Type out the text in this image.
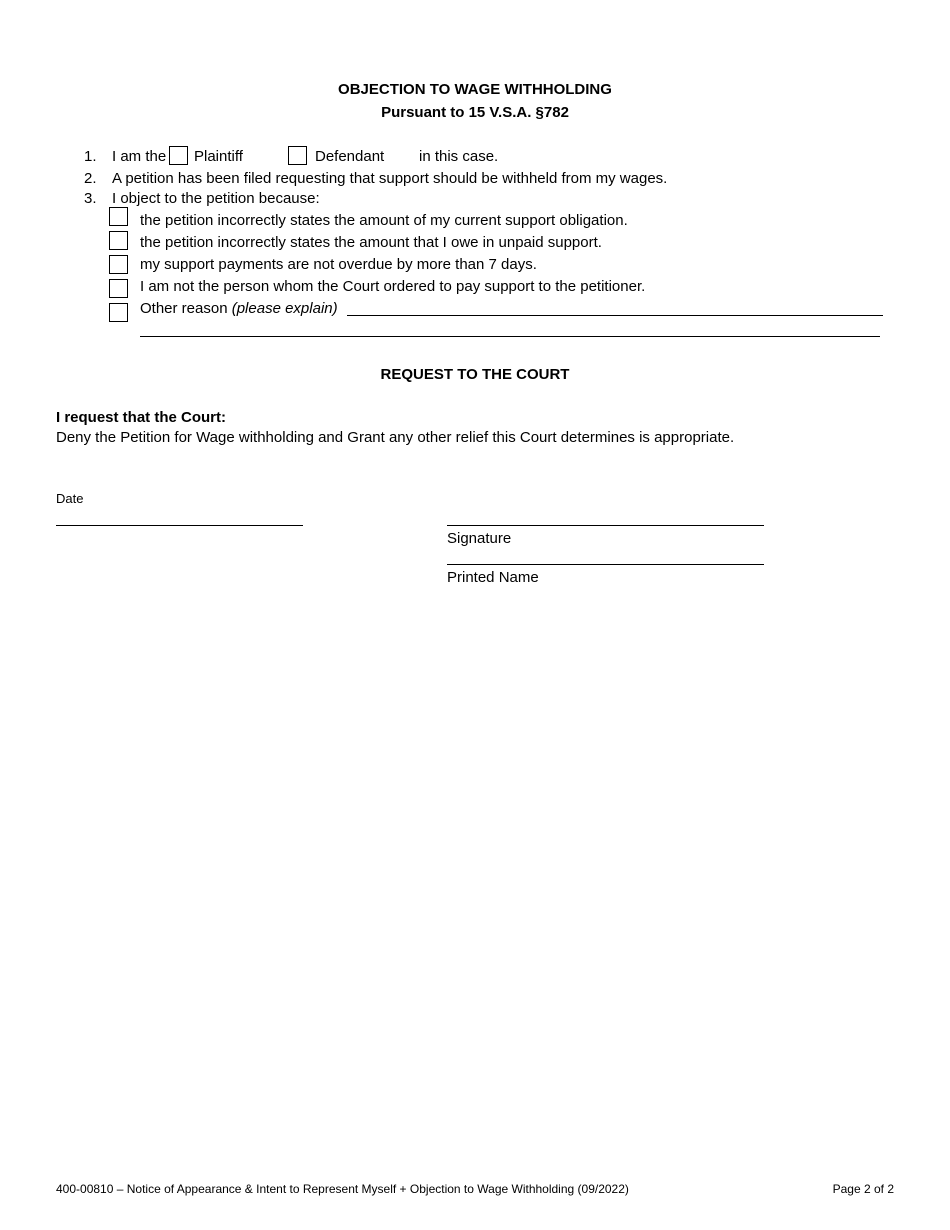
OBJECTION TO WAGE WITHHOLDING
Pursuant to 15 V.S.A. §782
1. I am the Plaintiff	Defendant in this case.
2. A petition has been filed requesting that support should be withheld from my wages.
3. I object to the petition because:
the petition incorrectly states the amount of my current support obligation.
the petition incorrectly states the amount that I owe in unpaid support.
my support payments are not overdue by more than 7 days.
I am not the person whom the Court ordered to pay support to the petitioner.
Other reason (please explain)
REQUEST TO THE COURT
I request that the Court:
Deny the Petition for Wage withholding and Grant any other relief this Court determines is appropriate.
Date
Signature
Printed Name
400-00810 – Notice of Appearance & Intent to Represent Myself + Objection to Wage Withholding (09/2022)	Page 2 of 2
